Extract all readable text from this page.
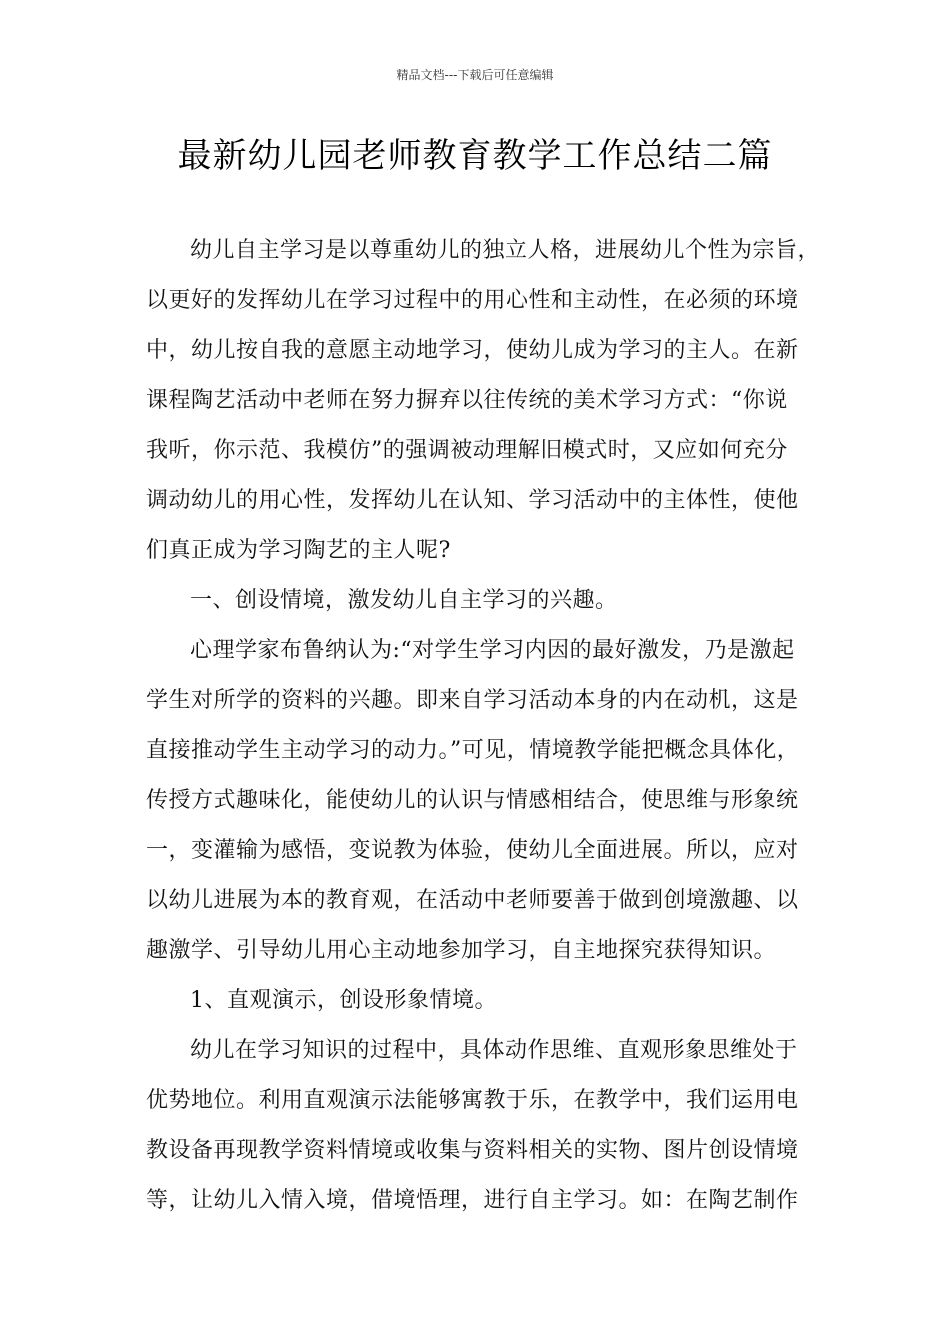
精品文档---下载后可任意编辑
最新幼儿园老师教育教学工作总结二篇
幼儿自主学习是以尊重幼儿的独立人格，进展幼儿个性为宗旨，
以更好的发挥幼儿在学习过程中的用心性和主动性，在必须的环境
中，幼儿按自我的意愿主动地学习，使幼儿成为学习的主人。在新
课程陶艺活动中老师在努力摒弃以往传统的美术学习方式：“你说
我听，你示范、我模仿”的强调被动理解旧模式时，又应如何充分
调动幼儿的用心性，发挥幼儿在认知、学习活动中的主体性，使他
们真正成为学习陶艺的主人呢?
一、创设情境，激发幼儿自主学习的兴趣。
心理学家布鲁纳认为:“对学生学习内因的最好激发，乃是激起
学生对所学的资料的兴趣。即来自学习活动本身的内在动机，这是
直接推动学生主动学习的动力。”可见，情境教学能把概念具体化，
传授方式趣味化，能使幼儿的认识与情感相结合，使思维与形象统
一，变灌输为感悟，变说教为体验，使幼儿全面进展。所以，应对
以幼儿进展为本的教育观，在活动中老师要善于做到创境激趣、以
趣激学、引导幼儿用心主动地参加学习，自主地探究获得知识。
1、直观演示，创设形象情境。
幼儿在学习知识的过程中，具体动作思维、直观形象思维处于
优势地位。利用直观演示法能够寓教于乐，在教学中，我们运用电
教设备再现教学资料情境或收集与资料相关的实物、图片创设情境
等，让幼儿入情入境，借境悟理，进行自主学习。如：在陶艺制作
